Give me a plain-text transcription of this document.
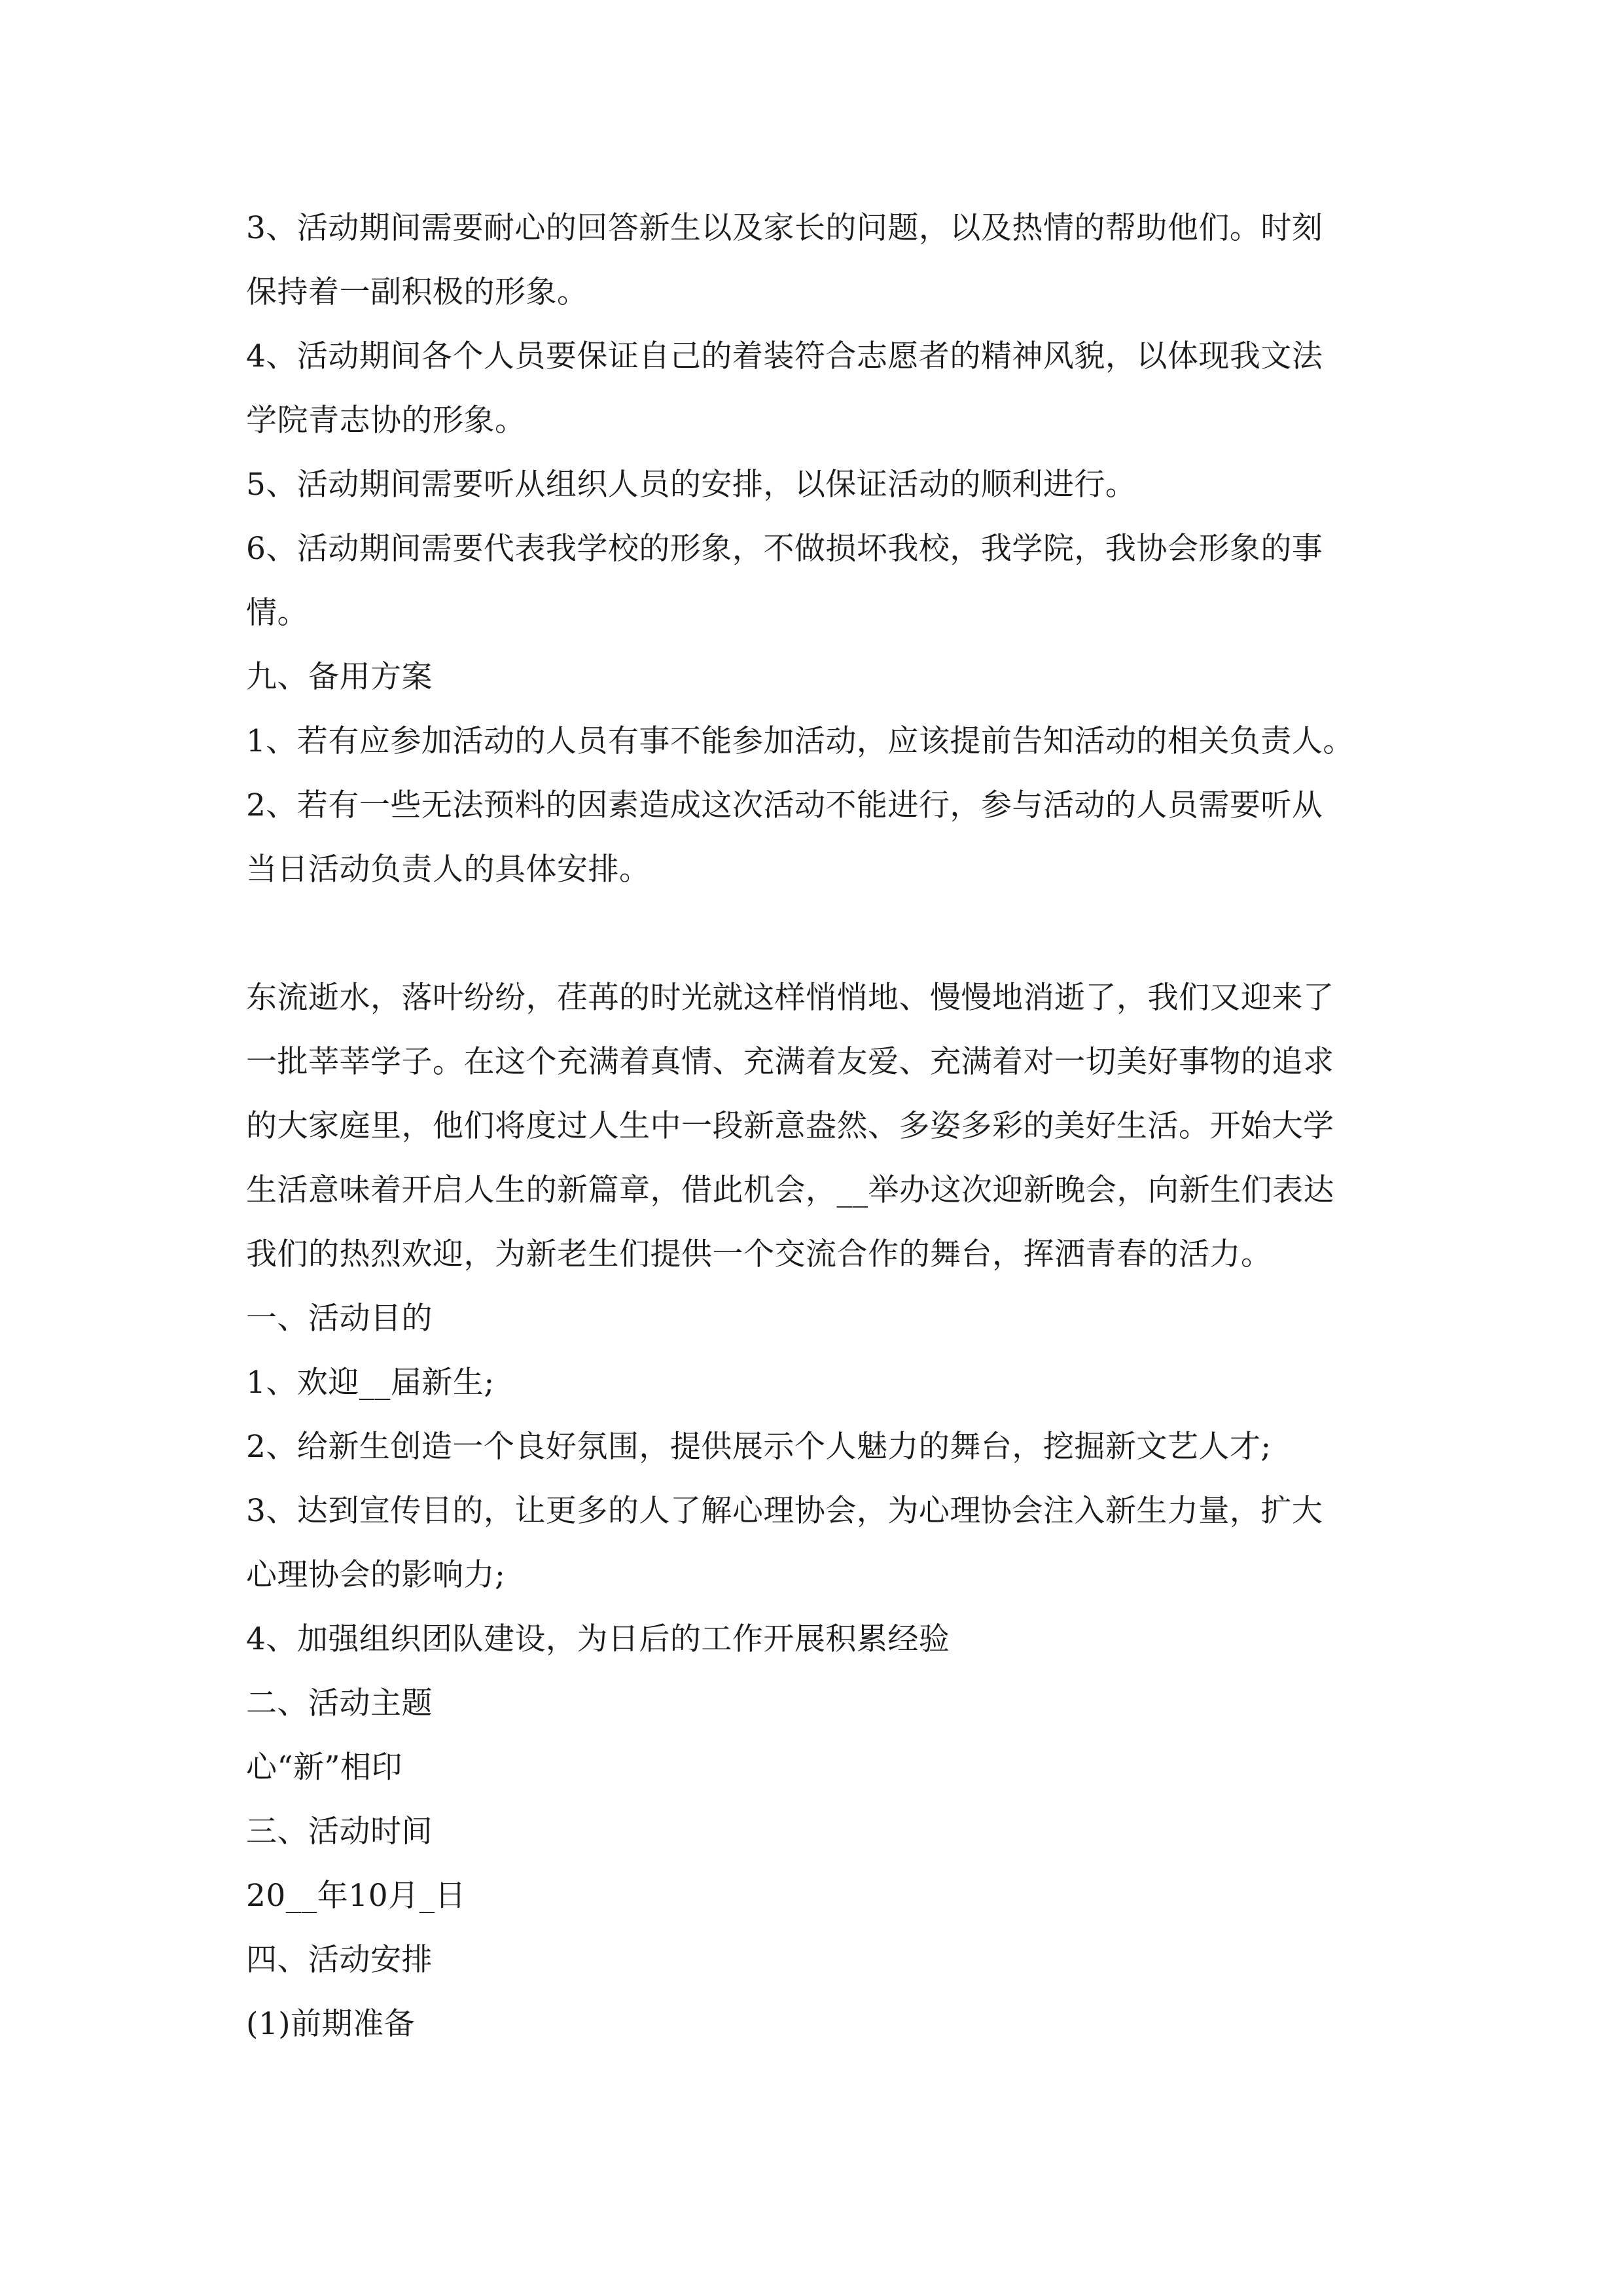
3、活动期间需要耐心的回答新生以及家长的问题，以及热情的帮助他们。时刻
保持着一副积极的形象。
4、活动期间各个人员要保证自己的着装符合志愿者的精神风貌，以体现我文法
学院青志协的形象。
5、活动期间需要听从组织人员的安排，以保证活动的顺利进行。
6、活动期间需要代表我学校的形象，不做损坏我校，我学院，我协会形象的事
情。
九、备用方案
1、若有应参加活动的人员有事不能参加活动，应该提前告知活动的相关负责人。
2、若有一些无法预料的因素造成这次活动不能进行，参与活动的人员需要听从
当日活动负责人的具体安排。
东流逝水，落叶纷纷，荏苒的时光就这样悄悄地、慢慢地消逝了，我们又迎来了
一批莘莘学子。在这个充满着真情、充满着友爱、充满着对一切美好事物的追求
的大家庭里，他们将度过人生中一段新意盎然、多姿多彩的美好生活。开始大学
生活意味着开启人生的新篇章，借此机会，__举办这次迎新晚会，向新生们表达
我们的热烈欢迎，为新老生们提供一个交流合作的舞台，挥洒青春的活力。
一、活动目的
1、欢迎__届新生;
2、给新生创造一个良好氛围，提供展示个人魅力的舞台，挖掘新文艺人才;
3、达到宣传目的，让更多的人了解心理协会，为心理协会注入新生力量，扩大
心理协会的影响力;
4、加强组织团队建设，为日后的工作开展积累经验
二、活动主题
心“新”相印
三、活动时间
20__年10月_日
四、活动安排
(1)前期准备
